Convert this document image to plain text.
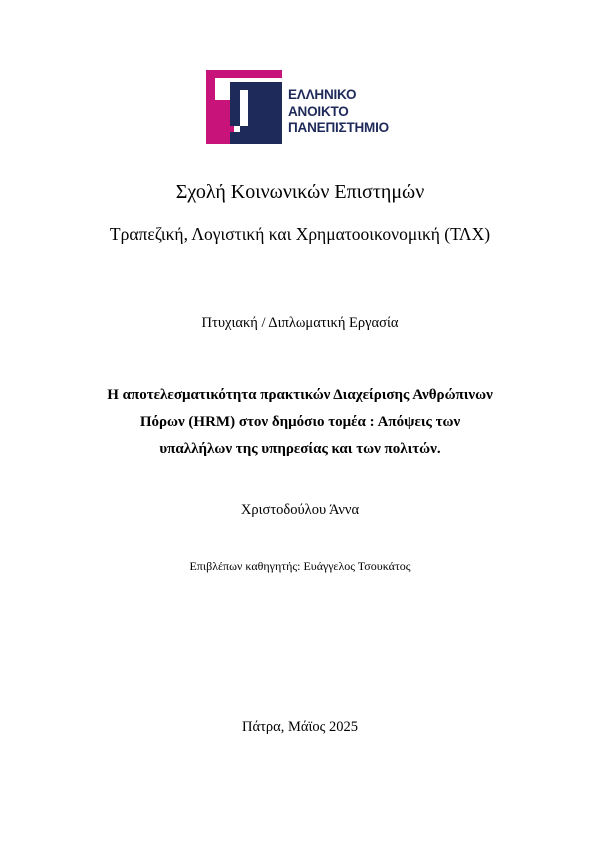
ΕΛΛΗΝΙΚΟ
ΑΝΟΙΚΤΟ
ΠΑΝΕΠΙΣΤΗΜΙΟ
Σχολή Κοινωνικών Επιστημών
Τραπεζική, Λογιστική και Χρηματοοικονομική (ΤΛΧ)
Πτυχιακή / Διπλωματική Εργασία
Η αποτελεσματικότητα πρακτικών Διαχείρισης Ανθρώπινων
Πόρων (HRM) στον δημόσιο τομέα : Απόψεις των
υπαλλήλων της υπηρεσίας και των πολιτών.
Χριστοδούλου Άννα
Επιβλέπων καθηγητής: Ευάγγελος Τσουκάτος
Πάτρα, Μάϊος 2025
